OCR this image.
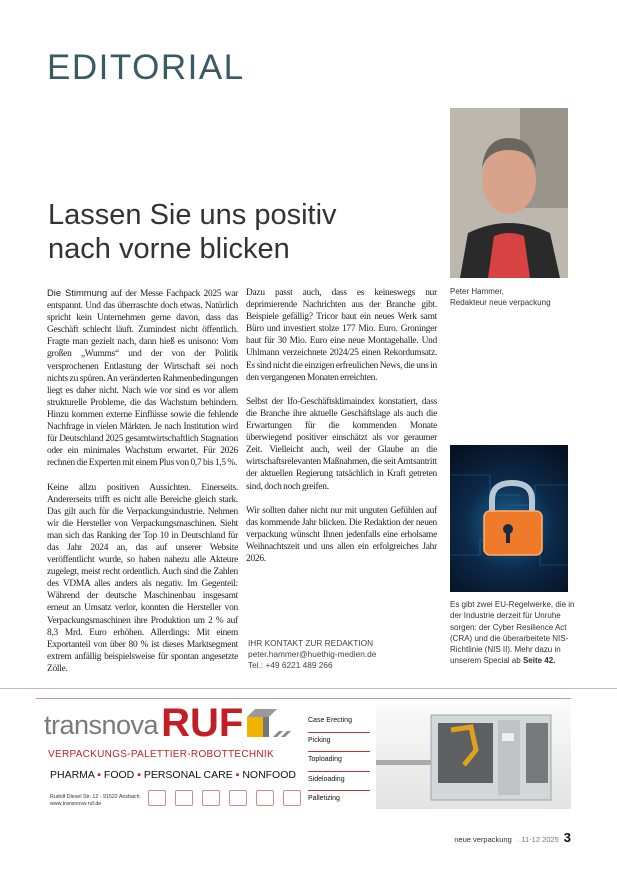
EDITORIAL
Lassen Sie uns positiv
nach vorne blicken
Peter Hammer,
Redakteur neue verpackung

Die Stimmung auf der Messe Fachpack 2025 war entspannt. Und das überraschte doch etwas. Natürlich spricht kein Unternehmen gerne davon, dass das Geschäft schlecht läuft. Zumindest nicht öffentlich. Fragte man gezielt nach, dann hieß es unisono: Vom großen „Wumms“ und der von der Politik versprochenen Entlastung der Wirtschaft sei noch nichts zu spüren. An veränderten Rahmenbedingungen liegt es daher nicht. Nach wie vor sind es vor allem strukturelle Probleme, die das Wachstum behindern. Hinzu kommen externe Einflüsse sowie die fehlende Nachfrage in vielen Märkten. Je nach Institution wird für Deutschland 2025 gesamtwirtschaftlich Stagnation oder ein minimales Wachstum erwartet. Für 2026 rechnen die Experten mit einem Plus von 0,7 bis 1,5 %.

Keine allzu positiven Aussichten. Einerseits. Andererseits trifft es nicht alle Bereiche gleich stark. Das gilt auch für die Verpackungsindustrie. Nehmen wir die Hersteller von Verpackungsmaschinen. Sieht man sich das Ranking der Top 10 in Deutschland für das Jahr 2024 an, das auf unserer Website veröffentlicht wurde, so haben nahezu alle Akteure zugelegt, meist recht ordentlich. Auch sind die Zahlen des VDMA alles anders als negativ. Im Gegenteil: Während der deutsche Maschinenbau insgesamt erneut an Umsatz verlor, konnten die Hersteller von Verpackungsmaschinen ihre Produktion um 2 % auf 8,3 Mrd. Euro erhöhen. Allerdings: Mit einem Exportanteil von über 80 % ist dieses Marktsegment extrem anfällig beispielsweise für spontan angesetzte Zölle.

Dazu passt auch, dass es keineswegs nur deprimierende Nachrichten aus der Branche gibt. Beispiele gefällig? Tricor baut ein neues Werk samt Büro und investiert stolze 177 Mio. Euro. Groninger baut für 30 Mio. Euro eine neue Montagehalle. Und Uhlmann verzeichnete 2024/25 einen Rekordumsatz. Es sind nicht die einzigen erfreulichen News, die uns in den vergangenen Monaten erreichten.

Selbst der Ifo-Geschäftsklimaindex konstatiert, dass die Branche ihre aktuelle Geschäftslage als auch die Erwartungen für die kommenden Monate überwiegend positiver einschätzt als vor geraumer Zeit. Vielleicht auch, weil der Glaube an die wirtschaftsrelevanten Maßnahmen, die seit Amtsantritt der aktuellen Regierung tatsächlich in Kraft getreten sind, doch noch greifen.

Wir sollten daher nicht nur mit unguten Gefühlen auf das kommende Jahr blicken. Die Redaktion der neuen verpackung wünscht Ihnen jedenfalls eine erholsame Weihnachtszeit und uns allen ein erfolgreiches Jahr 2026.

IHR KONTAKT ZUR REDAKTION
peter.hammer@huethig-medien.de
Tel.: +49 6221 489 266
Es gibt zwei EU-Regelwerke, die in der Industrie derzeit für Unruhe sorgen: der Cyber Resilience Act (CRA) und die überarbeitete NIS-Richtlinie (NIS II). Mehr dazu in unserem Special ab Seite 42.
transnova RUF
VERPACKUNGS-PALETTIER-ROBOTTECHNIK
PHARMA ▪ FOOD ▪ PERSONAL CARE ▪ NONFOOD
Rudolf Diesel Str. 12 · 91522 Ansbach
www.transnova-ruf.de
Case Erecting
Picking
Toploading
Sideloading
Palletizing
neue verpackung · 11-12 2025 3
